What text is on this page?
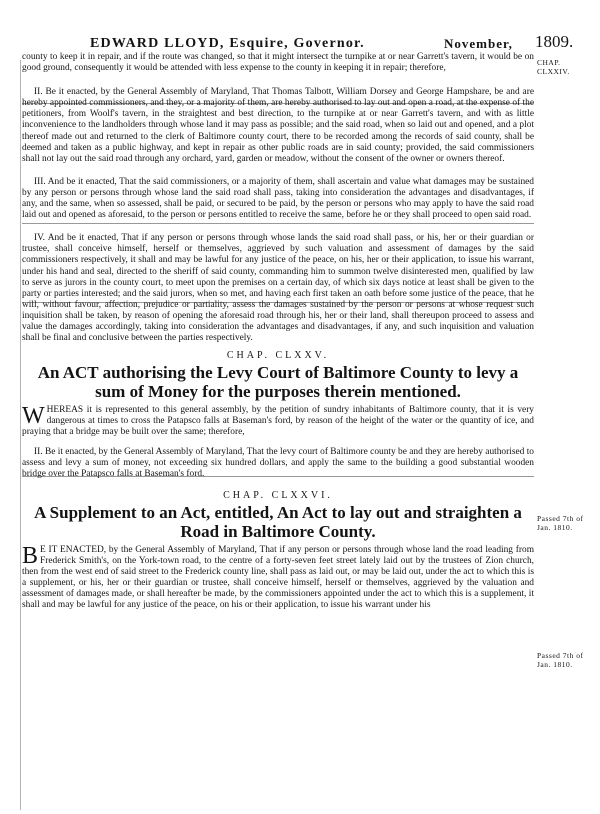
EDWARD LLOYD, Esquire, Governor.	November, 1809.
CHAP. CLXXIV.
Passed 7th of Jan. 1810.
Passed 7th of Jan. 1810.

county to keep it in repair, and if the route was changed, so that it might intersect the turnpike at or near Garrett's tavern, it would be on good ground, consequently it would be attended with less expense to the county in keeping it in repair; therefore,

II. Be it enacted, by the General Assembly of Maryland, That Thomas Talbott, William Dorsey and George Hampshare, be and are hereby appointed commissioners, and they, or a majority of them, are hereby authorised to lay out and open a road, at the expense of the petitioners, from Woolf's tavern, in the straightest and best direction, to the turnpike at or near Garrett's tavern, and with as little inconvenience to the landholders through whose land it may pass as possible; and the said road, when so laid out and opened, and a plot thereof made out and returned to the clerk of Baltimore county court, there to be recorded among the records of said county, shall be deemed and taken as a public highway, and kept in repair as other public roads are in said county; provided, the said commissioners shall not lay out the said road through any orchard, yard, garden or meadow, without the consent of the owner or owners thereof.

III. And be it enacted, That the said commissioners, or a majority of them, shall ascertain and value what damages may be sustained by any person or persons through whose land the said road shall pass, taking into consideration the advantages and disadvantages, if any, and the same, when so assessed, shall be paid, or secured to be paid, by the person or persons who may apply to have the said road laid out and opened as aforesaid, to the person or persons entitled to receive the same, before he or they shall proceed to open said road.

IV. And be it enacted, That if any person or persons through whose lands the said road shall pass, or his, her or their guardian or trustee, shall conceive himself, herself or themselves, aggrieved by such valuation and assessment of damages by the said commissioners respectively, it shall and may be lawful for any justice of the peace, on his, her or their application, to issue his warrant, under his hand and seal, directed to the sheriff of said county, commanding him to summon twelve disinterested men, qualified by law to serve as jurors in the county court, to meet upon the premises on a certain day, of which six days notice at least shall be given to the party or parties interested; and the said jurors, when so met, and having each first taken an oath before some justice of the peace, that he will, without favour, affection, prejudice or partiality, assess the damages sustained by the person or persons at whose request such inquisition shall be taken, by reason of opening the aforesaid road through his, her or their land, shall thereupon proceed to assess and value the damages accordingly, taking into consideration the advantages and disadvantages, if any, and such inquisition and valuation shall be final and conclusive between the parties respectively.

CHAP. CLXXV.
An ACT authorising the Levy Court of Baltimore County to levy a sum of Money for the purposes therein mentioned.

WHEREAS it is represented to this general assembly, by the petition of sundry inhabitants of Baltimore county, that it is very dangerous at times to cross the Patapsco falls at Baseman's ford, by reason of the height of the water or the quantity of ice, and praying that a bridge may be built over the same; therefore,

II. Be it enacted, by the General Assembly of Maryland, That the levy court of Baltimore county be and they are hereby authorised to assess and levy a sum of money, not exceeding six hundred dollars, and apply the same to the building a good substantial wooden bridge over the Patapsco falls at Baseman's ford.

CHAP. CLXXVI.
A Supplement to an Act, entitled, An Act to lay out and straighten a Road in Baltimore County.

B E IT ENACTED, by the General Assembly of Maryland, That if any person or persons through whose land the road leading from Frederick Smith's, on the York-town road, to the centre of a forty-seven feet street lately laid out by the trustees of Zion church, then from the west end of said street to the Frederick county line, shall pass as laid out, or may be laid out, under the act to which this is a supplement, or his, her or their guardian or trustee, shall conceive himself, herself or themselves, aggrieved by the valuation and assessment of damages made, or shall hereafter be made, by the commissioners appointed under the act to which this is a supplement, it shall and may be lawful for any justice of the peace, on his or their application, to issue his warrant under his
